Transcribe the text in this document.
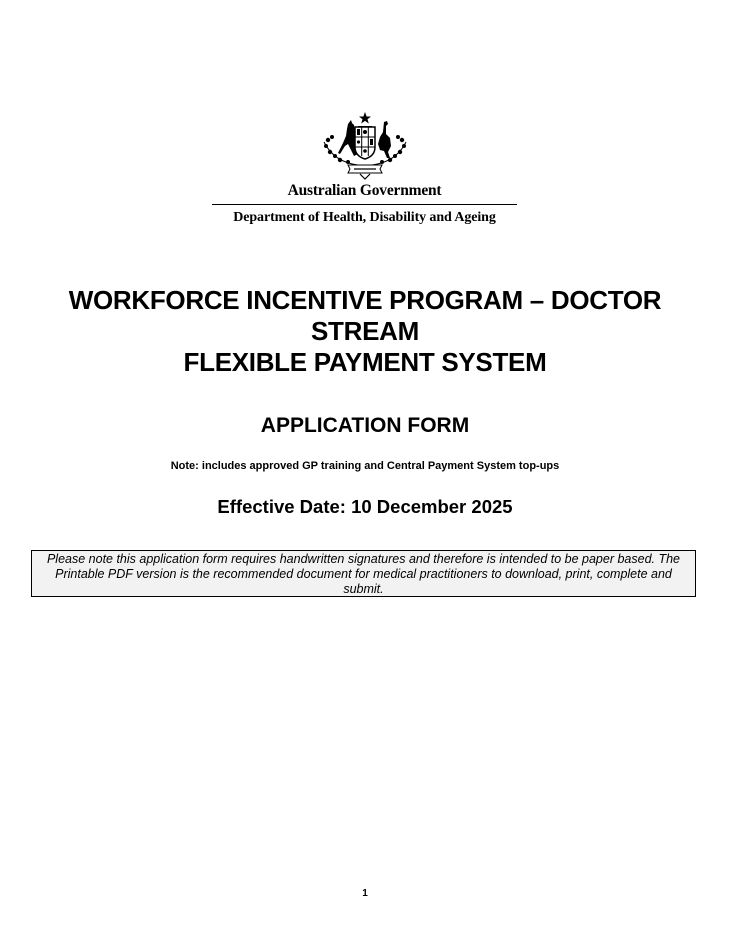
Australian Government
Department of Health, Disability and Ageing
WORKFORCE INCENTIVE PROGRAM – DOCTOR
STREAM
FLEXIBLE PAYMENT SYSTEM
APPLICATION FORM
Note: includes approved GP training and Central Payment System top-ups
Effective Date: 10 December 2025
Please note this application form requires handwritten signatures and therefore is intended to be paper based. The Printable PDF version is the recommended document for medical practitioners to download, print, complete and submit.
1
